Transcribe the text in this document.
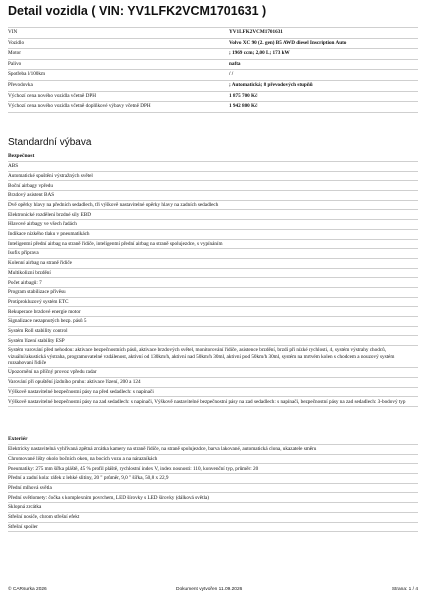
Detail vozidla ( VIN: YV1LFK2VCM1701631 )
VIN	YV1LFK2VCM1701631
Vozidlo	Volvo XC 90 (2. gen) B5 AWD diesel Inscription Auto
Motor	; 1969 ccm; 2,00 L; 173 kW
Palivo	nafta
Spotřeba l/100km	/ /
Převodovka	; Automatická; 8 převodových stupňů
Výchozí cena nového vozidla včetně DPH	1 875 700 Kč
Výchozí cena nového vozidla včetně doplňkové výbavy včetně DPH	1 942 800 Kč
Standardní výbava
Bezpečnost
ABS
Automatické spuštění výstražných světel
Boční airbagy vpředu
Brzdový asistent BAS
Dvě opěrky hlavy na předních sedadlech, tři výškově nastavitelné opěrky hlavy na zadních sedadlech
Elektronické rozdělení brzdné síly EBD
Hlavové airbagy ve všech řadách
Indikace nízkého tlaku v pneumatikách
Inteligentní přední airbag na straně řidiče, inteligentní přední airbag na straně spolujezdce, s vypínáním
Isofix příprava
Kolenní airbag na straně řidiče
Multikolizní brzdění
Počet airbagů: 7
Program stabilizace přívěsu
Protiprokluzový systém ETC
Rekuperace brzdové energie motor
Signalizace nezapnutých bezp. pásů 5
Systém Roll stability control
Systém řízení stability ESP
Systém varování před nehodou: aktivace bezpečnostních pásů, aktivace brzdových světel, monitorování řidiče, asistence brzdění, brzdí při nízké rychlosti, 4, systém výstrahy chodců, vizuální/akustická výstraha, programovatelné vzdálenost, aktivní od 130km/h, aktivní nad 50km/h 30ml, aktivní pod 50km/h 30ml, systém na mrtvém kolen s chodcem a nouzový systém rozsahovaní řidiče
Upozornění na příčný provoz vpředu radar
Varování při opuštění jízdního pruhu: aktivace řízení, 200 a 124
Výškově nastavitelné bezpečnostní pásy na před sedadlech: s napínači
Výškově nastavitelné bezpečnostní pásy na zad sedadlech: s napínači, Výškově nastavitelné bezpečnostní pásy na zad sedadlech: s napínači, bezpečnostní pásy na zad sedadlech: 3-bodový typ
Exteriér
Elektricky nastavitelná vyhřívaná zpětná zrcátka kamery na straně řidiče, na straně spolujezdce, barva lakované, automatická clona, ukazatele směru
Chromované lišty okolo bočních oken, na bocích vozu a na nárazníkách
Pneumatiky: 275 mm šířka pláště, 45 % profil pláště, rychlostní index V, index nosnosti: 110, konvenční typ, průměr: 20
Přední a zadní kola: ráfek z lehké slitiny, 20 " průměr, 9,0 " šířka, 50,8 x 22,9
Přední mlhová světla
Přední světlomety: čočka s komplexním povrchem, LED šírovky s LED šírovky (dálková světla)
Sklopná zrcátka
Střešní nosiče, chrom střešní efekt
Střešní spoiler
© CARsurka 2026	Dokument vytvořen 11.09.2026	Strana: 1 / 4
